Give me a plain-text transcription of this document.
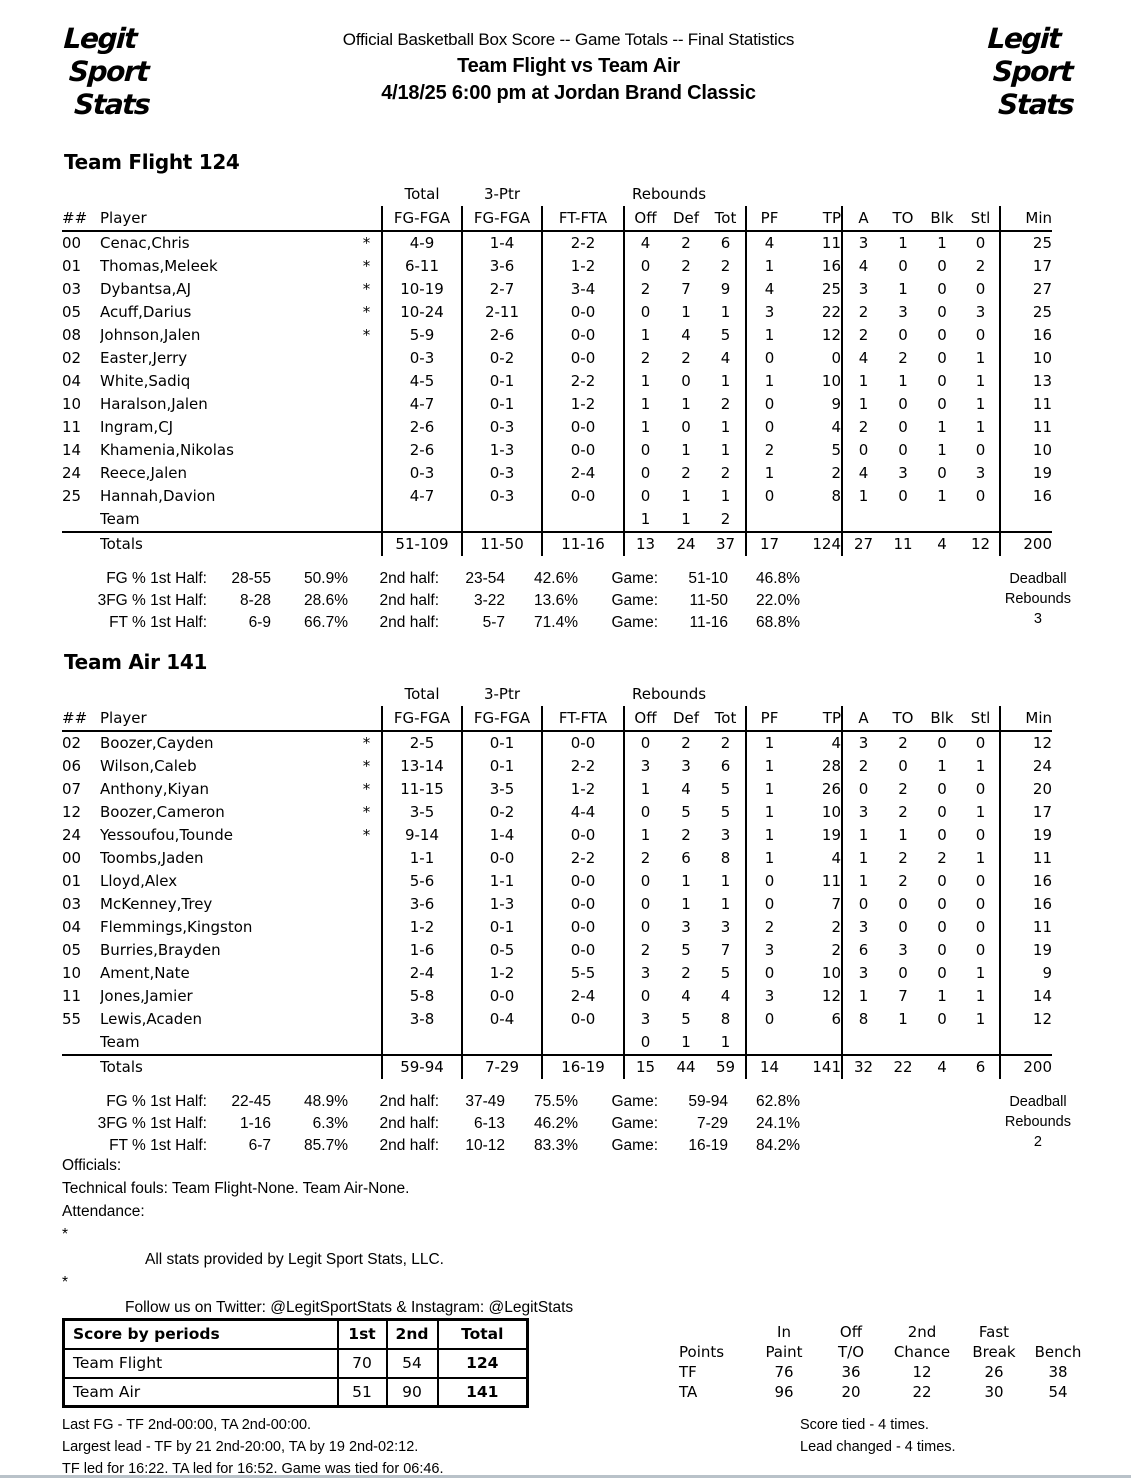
Legit
Sport
Stats
Official Basketball Box Score -- Game Totals -- Final Statistics
Team Flight vs Team Air
4/18/25 6:00 pm at Jordan Brand Classic
Legit
Sport
Stats
Team Flight 124
			Total	3-Ptr		Rebounds									
##	Player		FG-FGA	FG-FGA	FT-FTA	Off	Def	Tot	PF	TP	A	TO	Blk	Stl	Min
00	Cenac,Chris	*	4-9	1-4	2-2	4	2	6	4	11	3	1	1	0	25
01	Thomas,Meleek	*	6-11	3-6	1-2	0	2	2	1	16	4	0	0	2	17
03	Dybantsa,AJ	*	10-19	2-7	3-4	2	7	9	4	25	3	1	0	0	27
05	Acuff,Darius	*	10-24	2-11	0-0	0	1	1	3	22	2	3	0	3	25
08	Johnson,Jalen	*	5-9	2-6	0-0	1	4	5	1	12	2	0	0	0	16
02	Easter,Jerry		0-3	0-2	0-0	2	2	4	0	0	4	2	0	1	10
04	White,Sadiq		4-5	0-1	2-2	1	0	1	1	10	1	1	0	1	13
10	Haralson,Jalen		4-7	0-1	1-2	1	1	2	0	9	1	0	0	1	11
11	Ingram,CJ		2-6	0-3	0-0	1	0	1	0	4	2	0	1	1	11
14	Khamenia,Nikolas		2-6	1-3	0-0	0	1	1	2	5	0	0	1	0	10
24	Reece,Jalen		0-3	0-3	2-4	0	2	2	1	2	4	3	0	3	19
25	Hannah,Davion		4-7	0-3	0-0	0	1	1	0	8	1	0	1	0	16
	Team					1	1	2							
	Totals		51-109	11-50	11-16	13	24	37	17	124	27	11	4	12	200
FG % 1st Half:	28-55	50.9%	2nd half:	23-54	42.6%	Game:	51-10	46.8%
3FG % 1st Half:	8-28	28.6%	2nd half:	3-22	13.6%	Game:	11-50	22.0%
FT % 1st Half:	6-9	66.7%	2nd half:	5-7	71.4%	Game:	11-16	68.8%
Deadball
Rebounds
3
Team Air 141
			Total	3-Ptr		Rebounds									
##	Player		FG-FGA	FG-FGA	FT-FTA	Off	Def	Tot	PF	TP	A	TO	Blk	Stl	Min
02	Boozer,Cayden	*	2-5	0-1	0-0	0	2	2	1	4	3	2	0	0	12
06	Wilson,Caleb	*	13-14	0-1	2-2	3	3	6	1	28	2	0	1	1	24
07	Anthony,Kiyan	*	11-15	3-5	1-2	1	4	5	1	26	0	2	0	0	20
12	Boozer,Cameron	*	3-5	0-2	4-4	0	5	5	1	10	3	2	0	1	17
24	Yessoufou,Tounde	*	9-14	1-4	0-0	1	2	3	1	19	1	1	0	0	19
00	Toombs,Jaden		1-1	0-0	2-2	2	6	8	1	4	1	2	2	1	11
01	Lloyd,Alex		5-6	1-1	0-0	0	1	1	0	11	1	2	0	0	16
03	McKenney,Trey		3-6	1-3	0-0	0	1	1	0	7	0	0	0	0	16
04	Flemmings,Kingston		1-2	0-1	0-0	0	3	3	2	2	3	0	0	0	11
05	Burries,Brayden		1-6	0-5	0-0	2	5	7	3	2	6	3	0	0	19
10	Ament,Nate		2-4	1-2	5-5	3	2	5	0	10	3	0	0	1	9
11	Jones,Jamier		5-8	0-0	2-4	0	4	4	3	12	1	7	1	1	14
55	Lewis,Acaden		3-8	0-4	0-0	3	5	8	0	6	8	1	0	1	12
	Team					0	1	1							
	Totals		59-94	7-29	16-19	15	44	59	14	141	32	22	4	6	200
FG % 1st Half:	22-45	48.9%	2nd half:	37-49	75.5%	Game:	59-94	62.8%
3FG % 1st Half:	1-16	6.3%	2nd half:	6-13	46.2%	Game:	7-29	24.1%
FT % 1st Half:	6-7	85.7%	2nd half:	10-12	83.3%	Game:	16-19	84.2%
Deadball
Rebounds
2
Officials:
Technical fouls: Team Flight-None. Team Air-None.
Attendance:
*
All stats provided by Legit Sport Stats, LLC.
*
Follow us on Twitter: @LegitSportStats & Instagram: @LegitStats
Score by periods	1st	2nd	Total
Team Flight	70	54	124
Team Air	51	90	141
	In	Off	2nd	Fast	
Points	Paint	T/O	Chance	Break	Bench
TF	76	36	12	26	38
TA	96	20	22	30	54
Last FG - TF 2nd-00:00, TA 2nd-00:00.
Largest lead - TF by 21 2nd-20:00, TA by 19 2nd-02:12.
TF led for 16:22. TA led for 16:52. Game was tied for 06:46.
Score tied - 4 times.
Lead changed - 4 times.
